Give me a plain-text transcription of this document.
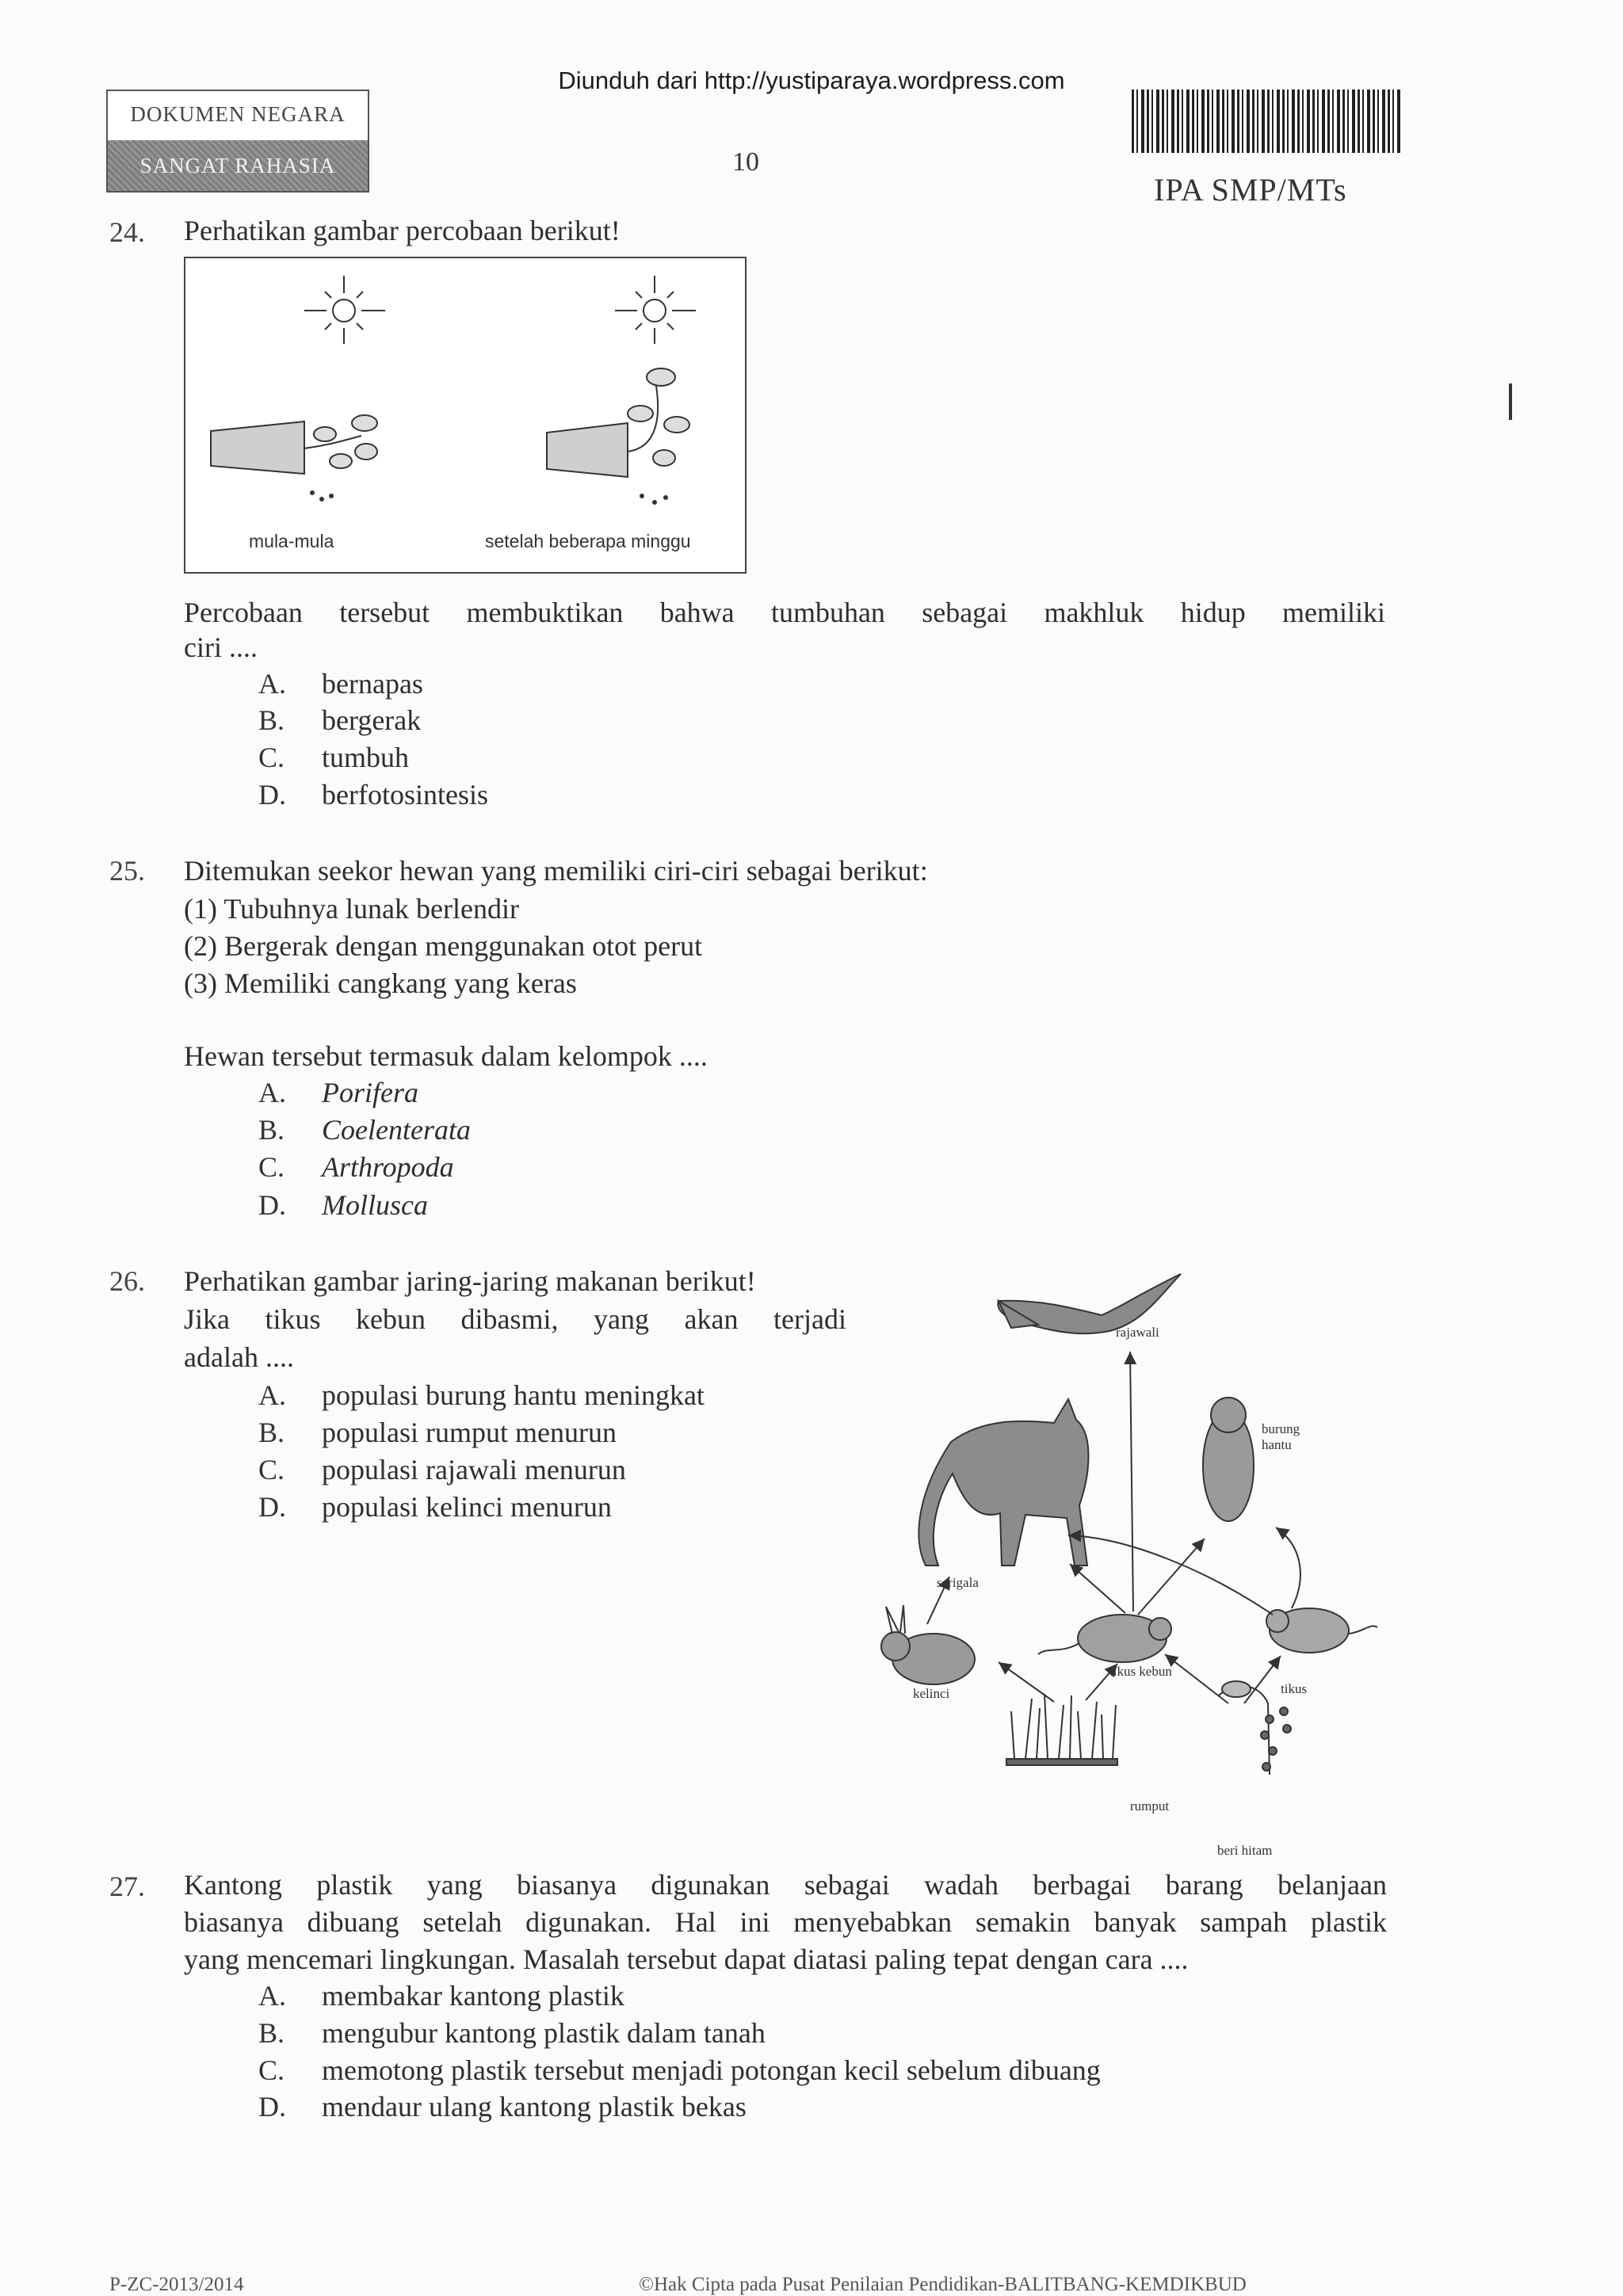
Diunduh dari http://yustiparaya.wordpress.com
DOKUMEN NEGARA
SANGAT RAHASIA	10
IPA SMP/MTs
24. Perhatikan gambar percobaan berikut!
mula-mula	setelah beberapa minggu
Percobaan tersebut membuktikan bahwa tumbuhan sebagai makhluk hidup memiliki
ciri ....
A. bernapas
B. bergerak
C. tumbuh
D. berfotosintesis
25. Ditemukan seekor hewan yang memiliki ciri-ciri sebagai berikut:
(1) Tubuhnya lunak berlendir
(2) Bergerak dengan menggunakan otot perut
(3) Memiliki cangkang yang keras
Hewan tersebut termasuk dalam kelompok ....
A. Porifera
B. Coelenterata
C. Arthropoda
D. Mollusca
26. Perhatikan gambar jaring-jaring makanan berikut!
Jika tikus kebun dibasmi, yang akan terjadi
adalah ....
A. populasi burung hantu meningkat
B. populasi rumput menurun
C. populasi rajawali menurun
D. populasi kelinci menurun
rajawali
burung
hantu
serigala
kelinci
tikus kebun
tikus
rumput
beri hitam
27. Kantong plastik yang biasanya digunakan sebagai wadah berbagai barang belanjaan
biasanya dibuang setelah digunakan. Hal ini menyebabkan semakin banyak sampah plastik
yang mencemari lingkungan. Masalah tersebut dapat diatasi paling tepat dengan cara ....
A. membakar kantong plastik
B. mengubur kantong plastik dalam tanah
C. memotong plastik tersebut menjadi potongan kecil sebelum dibuang
D. mendaur ulang kantong plastik bekas
P-ZC-2013/2014	©Hak Cipta pada Pusat Penilaian Pendidikan-BALITBANG-KEMDIKBUD
